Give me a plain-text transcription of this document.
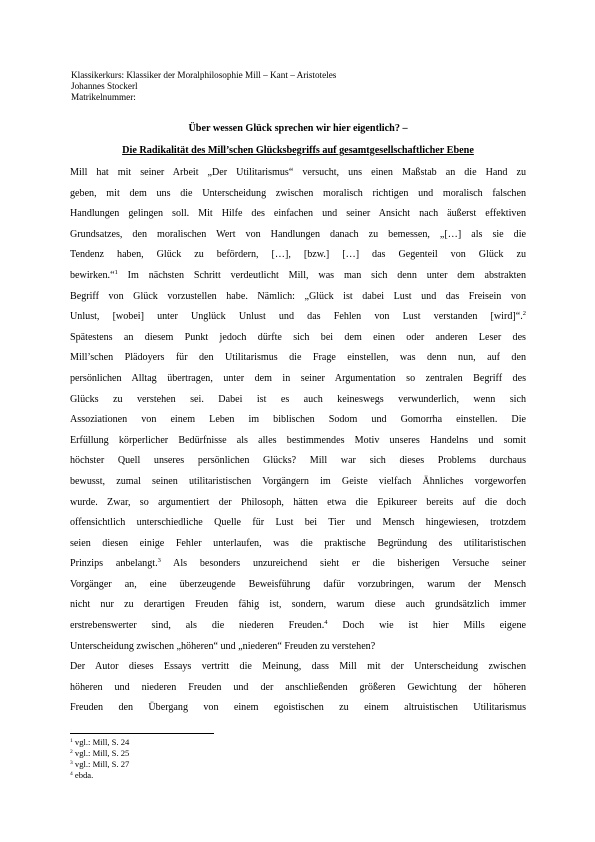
Klassikerkurs: Klassiker der Moralphilosophie Mill – Kant – Aristoteles
Johannes Stockerl
Matrikelnummer:
Über wessen Glück sprechen wir hier eigentlich? –
Die Radikalität des Mill’schen Glücksbegriffs auf gesamtgesellschaftlicher Ebene
Mill hat mit seiner Arbeit „Der Utilitarismus“ versucht, uns einen Maßstab an die Hand zu
geben, mit dem uns die Unterscheidung zwischen moralisch richtigen und moralisch falschen
Handlungen gelingen soll. Mit Hilfe des einfachen und seiner Ansicht nach äußerst effektiven
Grundsatzes, den moralischen Wert von Handlungen danach zu bemessen, „[…] als sie die
Tendenz haben, Glück zu befördern, […], [bzw.] […] das Gegenteil von Glück zu
bewirken.“$^1$ Im nächsten Schritt verdeutlicht Mill, was man sich denn unter dem abstrakten
Begriff von Glück vorzustellen habe. Nämlich: „Glück ist dabei Lust und das Freisein von
Unlust, [wobei] unter Unglück Unlust und das Fehlen von Lust verstanden [wird]“.$^2$
Spätestens an diesem Punkt jedoch dürfte sich bei dem einen oder anderen Leser des
Mill’schen Plädoyers für den Utilitarismus die Frage einstellen, was denn nun, auf den
persönlichen Alltag übertragen, unter dem in seiner Argumentation so zentralen Begriff des
Glücks zu verstehen sei. Dabei ist es auch keineswegs verwunderlich, wenn sich
Assoziationen von einem Leben im biblischen Sodom und Gomorrha einstellen. Die
Erfüllung körperlicher Bedürfnisse als alles bestimmendes Motiv unseres Handelns und somit
höchster Quell unseres persönlichen Glücks? Mill war sich dieses Problems durchaus
bewusst, zumal seinen utilitaristischen Vorgängern im Geiste vielfach Ähnliches vorgeworfen
wurde. Zwar, so argumentiert der Philosoph, hätten etwa die Epikureer bereits auf die doch
offensichtlich unterschiedliche Quelle für Lust bei Tier und Mensch hingewiesen, trotzdem
seien diesen einige Fehler unterlaufen, was die praktische Begründung des utilitaristischen
Prinzips anbelangt.$^3$ Als besonders unzureichend sieht er die bisherigen Versuche seiner
Vorgänger an, eine überzeugende Beweisführung dafür vorzubringen, warum der Mensch
nicht nur zu derartigen Freuden fähig ist, sondern, warum diese auch grundsätzlich immer
erstrebenswerter sind, als die niederen Freuden.$^4$ Doch wie ist hier Mills eigene
Unterscheidung zwischen „höheren“ und „niederen“ Freuden zu verstehen?
Der Autor dieses Essays vertritt die Meinung, dass Mill mit der Unterscheidung zwischen
höheren und niederen Freuden und der anschließenden größeren Gewichtung der höheren
Freuden den Übergang von einem egoistischen zu einem altruistischen Utilitarismus
$^1$ vgl.: Mill, S. 24
$^2$ vgl.: Mill, S. 25
$^3$ vgl.: Mill, S. 27
$^4$ ebda.
